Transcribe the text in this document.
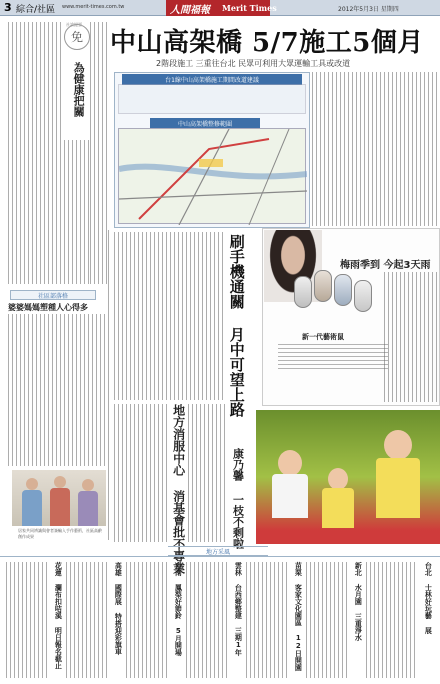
3 綜合/社區 www.merit-times.com.tw	人間福報 Merit Times	2012年5月3日 星期四
社論提要
免
為健康把關
社區部落格
婆婆媽媽塑種人心得多
居家共同辨識與會者簽輸入手作藝術，社區高齡創作成果
中山高架橋 5/7施工5個月
2階段施工 三重往台北 民眾可利用大眾運輸工具或改道
台1線中山高架橋施工期間改道建議
中山高架橋整修範圍
刷手機通關 月中可望上路	梅雨季到 今起3天雨
新一代藝術鼠
地方消服中心 消基會批不專業	康乃馨 一枝不剩啦
地方采風
花蓮 瀾布扣咭溪 明日報名截止	高雄 國際展 特搭迎彩旗車	台南 鳳梨好節鈴 5月開場	雲林 台西鄉整建 三期1年	苗栗 客家文化園區 12日開園	新北 水月園 三重淨水	台北 士林好玩藝 展
